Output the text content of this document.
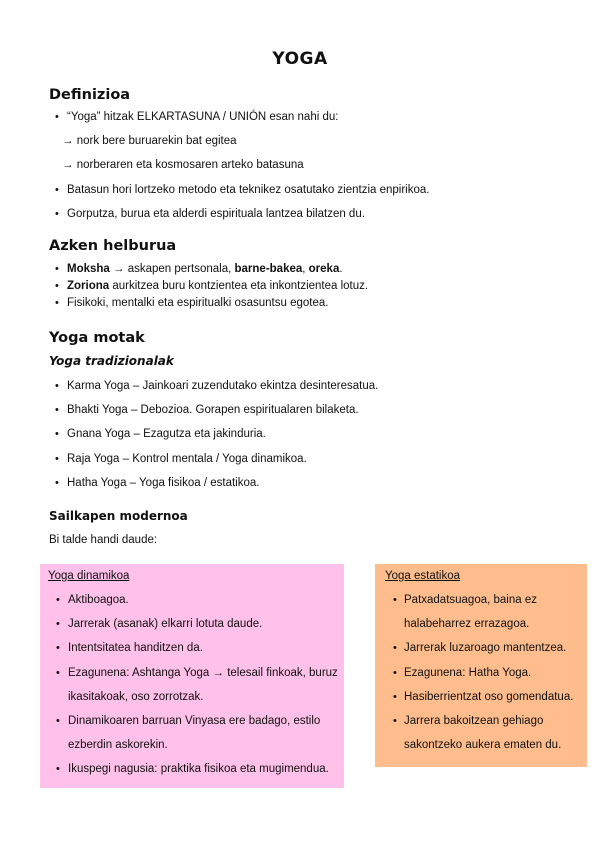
YOGA
Definizioa
• “Yoga” hitzak ELKARTASUNA / UNIÓN esan nahi du:
→ nork bere buruarekin bat egitea
→ norberaren eta kosmosaren arteko batasuna
• Batasun hori lortzeko metodo eta teknikez osatutako zientzia enpirikoa.
• Gorputza, burua eta alderdi espirituala lantzea bilatzen du.
Azken helburua
• Moksha → askapen pertsonala, barne-bakea, oreka.
• Zoriona aurkitzea buru kontzientea eta inkontzientea lotuz.
• Fisikoki, mentalki eta espiritualki osasuntsu egotea.
Yoga motak
Yoga tradizionalak
• Karma Yoga – Jainkoari zuzendutako ekintza desinteresatua.
• Bhakti Yoga – Debozioa. Gorapen espiritualaren bilaketa.
• Gnana Yoga – Ezagutza eta jakinduria.
• Raja Yoga – Kontrol mentala / Yoga dinamikoa.
• Hatha Yoga – Yoga fisikoa / estatikoa.
Sailkapen modernoa
Bi talde handi daude:
Yoga dinamikoa
• Aktiboagoa.
• Jarrerak (asanak) elkarri lotuta daude.
• Intentsitatea handitzen da.
• Ezagunena: Ashtanga Yoga → telesail finkoak, buruz
ikasitakoak, oso zorrotzak.
• Dinamikoaren barruan Vinyasa ere badago, estilo
ezberdin askorekin.
• Ikuspegi nagusia: praktika fisikoa eta mugimendua.
Yoga estatikoa
• Patxadatsuagoa, baina ez
halabeharrez errazagoa.
• Jarrerak luzaroago mantentzea.
• Ezagunena: Hatha Yoga.
• Hasiberrientzat oso gomendatua.
• Jarrera bakoitzean gehiago
sakontzeko aukera ematen du.
